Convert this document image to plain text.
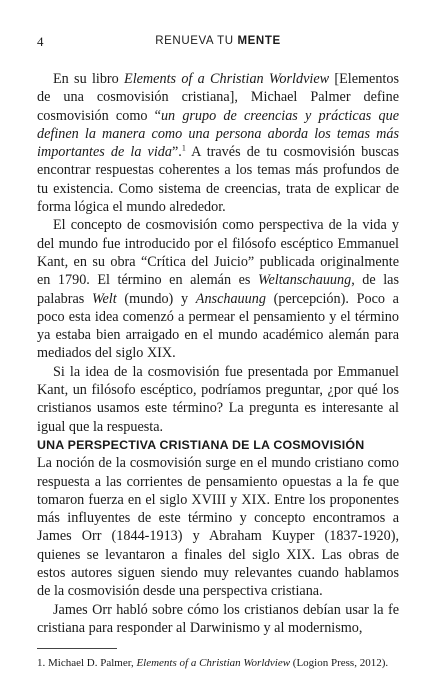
4	RENUEVA TU MENTE

En su libro Elements of a Christian Worldview [Elementos de una cosmovisión cristiana], Michael Palmer define cosmovisión como “un grupo de creencias y prácticas que definen la manera como una persona aborda los temas más importantes de la vida”.$^1$ A través de tu cosmovisión buscas encontrar respuestas coherentes a los temas más profundos de tu existencia. Como sistema de creencias, trata de explicar de forma lógica el mundo alrededor.

El concepto de cosmovisión como perspectiva de la vida y del mundo fue introducido por el filósofo escéptico Emmanuel Kant, en su obra “Crítica del Juicio” publicada originalmente en 1790. El término en alemán es Weltanschauung, de las palabras Welt (mundo) y Anschauung (percepción). Poco a poco esta idea comenzó a permear el pensamiento y el término ya estaba bien arraigado en el mundo académico alemán para mediados del siglo XIX.

Si la idea de la cosmovisión fue presentada por Emmanuel Kant, un filósofo escéptico, podríamos preguntar, ¿por qué los cristianos usamos este término? La pregunta es interesante al igual que la respuesta.

UNA PERSPECTIVA CRISTIANA DE LA COSMOVISIÓN

La noción de la cosmovisión surge en el mundo cristiano como respuesta a las corrientes de pensamiento opuestas a la fe que tomaron fuerza en el siglo XVIII y XIX. Entre los proponentes más influyentes de este término y concepto encontramos a James Orr (1844-1913) y Abraham Kuyper (1837-1920), quienes se levantaron a finales del siglo XIX. Las obras de estos autores siguen siendo muy relevantes cuando hablamos de la cosmovisión desde una perspectiva cristiana.

James Orr habló sobre cómo los cristianos debían usar la fe cristiana para responder al Darwinismo y al modernismo,

1. Michael D. Palmer, Elements of a Christian Worldview (Logion Press, 2012).
